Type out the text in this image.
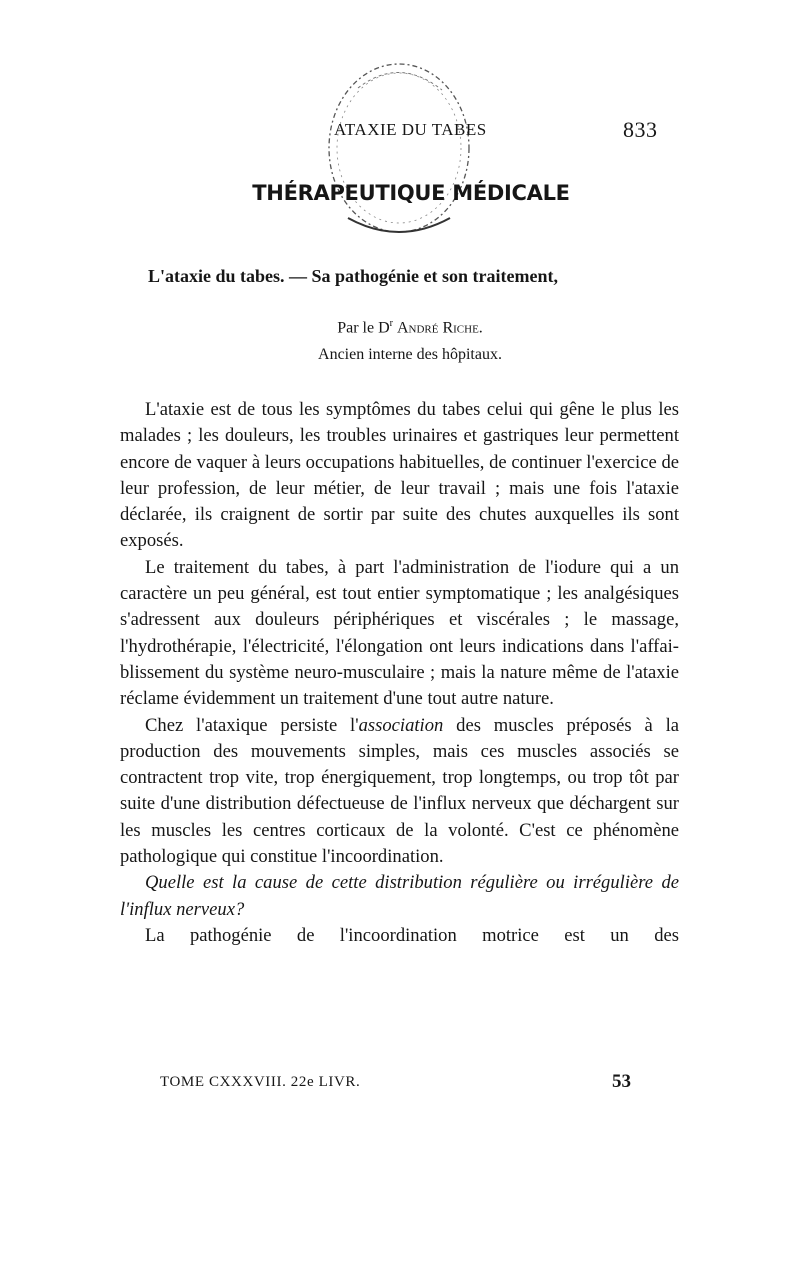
ATAXIE DU TABES	833
THÉRAPEUTIQUE MÉDICALE
L'ataxie du tabes. — Sa pathogénie et son traitement,
Par le $D^r$ André Riche.
Ancien interne des hôpitaux.

L'ataxie est de tous les symptômes du tabes celui qui gêne le plus les malades ; les douleurs, les troubles urinaires et gastriques leur permettent encore de vaquer à leurs occupations habituelles, de continuer l'exercice de leur profession, de leur métier, de leur travail ; mais une fois l'ataxie déclarée, ils craignent de sortir par suite des chutes auxquelles ils sont exposés.

Le traitement du tabes, à part l'administration de l'iodure qui a un caractère un peu général, est tout entier symptomatique ; les analgésiques s'adressent aux douleurs périphériques et viscérales ; le massage, l'hydrothérapie, l'électricité, l'élongation ont leurs indications dans l'affaiblissement du système neuro-musculaire ; mais la nature même de l'ataxie réclame évidemment un traitement d'une tout autre nature.

Chez l'ataxique persiste l'association des muscles préposés à la production des mouvements simples, mais ces muscles associés se contractent trop vite, trop énergiquement, trop longtemps, ou trop tôt par suite d'une distribution défectueuse de l'influx nerveux que déchargent sur les muscles les centres corticaux de la volonté. C'est ce phénomène pathologique qui constitue l'incoordination.

Quelle est la cause de cette distribution régulière ou irrégulière de l'influx nerveux?

La pathogénie de l'incoordination motrice est un des

TOME CXXXVIII. 22e LIVR.	53
